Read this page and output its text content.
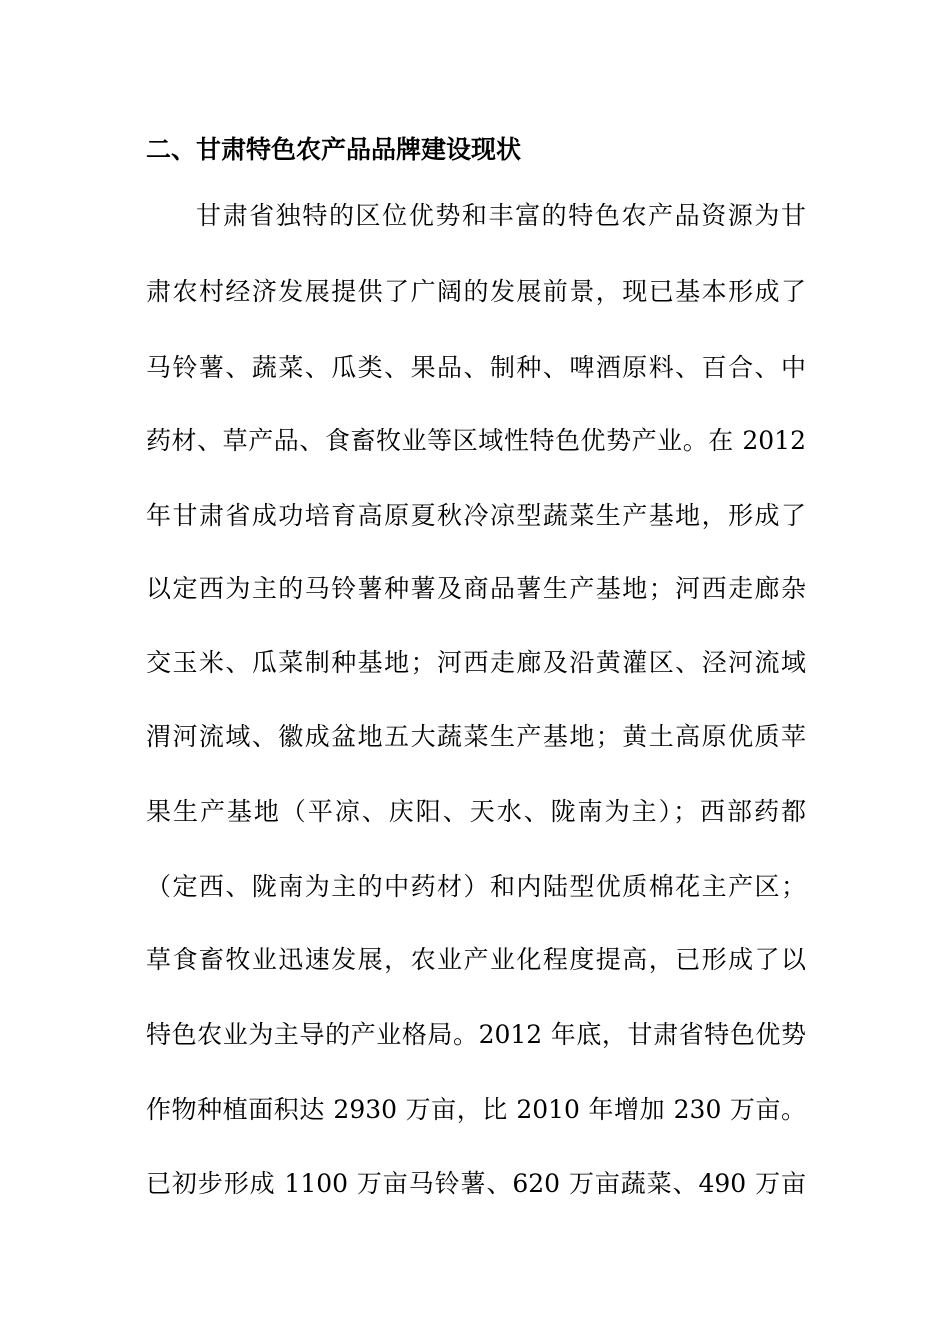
二、甘肃特色农产品品牌建设现状
甘肃省独特的区位优势和丰富的特色农产品资源为甘
肃农村经济发展提供了广阔的发展前景，现已基本形成了
马铃薯、蔬菜、瓜类、果品、制种、啤酒原料、百合、中
药材、草产品、食畜牧业等区域性特色优势产业。在 2012
年甘肃省成功培育高原夏秋冷凉型蔬菜生产基地，形成了
以定西为主的马铃薯种薯及商品薯生产基地；河西走廊杂
交玉米、瓜菜制种基地；河西走廊及沿黄灌区、泾河流域
渭河流域、徽成盆地五大蔬菜生产基地；黄土高原优质苹
果生产基地（平凉、庆阳、天水、陇南为主）；西部药都
（定西、陇南为主的中药材）和内陆型优质棉花主产区；
草食畜牧业迅速发展，农业产业化程度提高，已形成了以
特色农业为主导的产业格局。2012 年底，甘肃省特色优势
作物种植面积达 2930 万亩，比 2010 年增加 230 万亩。
已初步形成 1100 万亩马铃薯、620 万亩蔬菜、490 万亩
